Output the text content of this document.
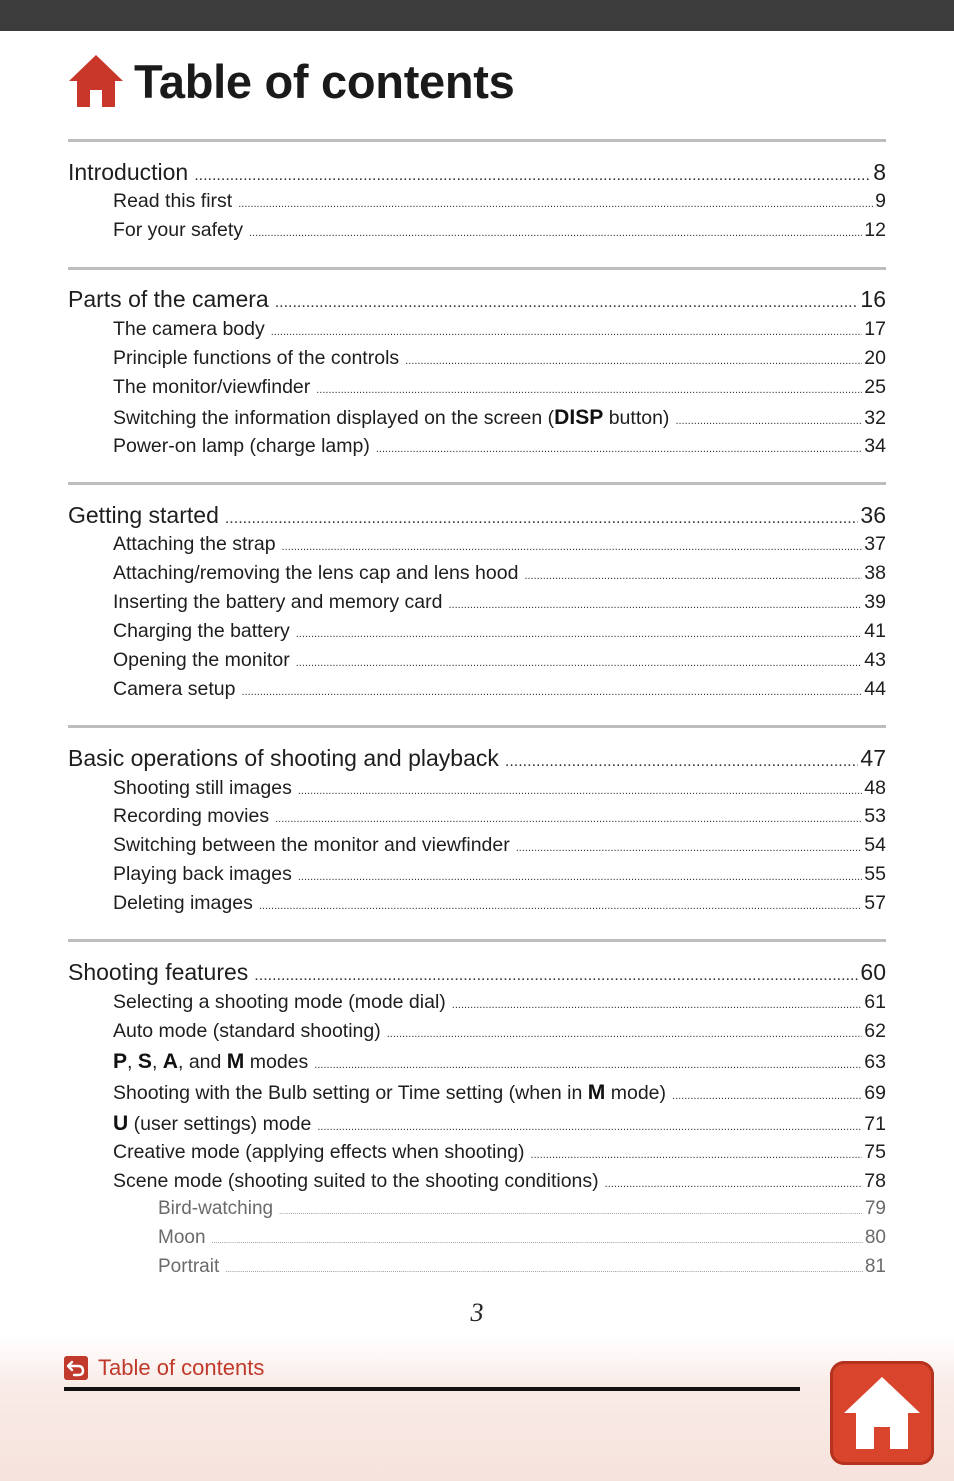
Table of contents
Introduction .....	8
Read this first .....	9
For your safety .....	12
Parts of the camera .....	16
The camera body .....	17
Principle functions of the controls .....	20
The monitor/viewfinder .....	25
Switching the information displayed on the screen (DISP button) .....	32
Power-on lamp (charge lamp) .....	34
Getting started .....	36
Attaching the strap .....	37
Attaching/removing the lens cap and lens hood .....	38
Inserting the battery and memory card .....	39
Charging the battery .....	41
Opening the monitor .....	43
Camera setup .....	44
Basic operations of shooting and playback .....	47
Shooting still images .....	48
Recording movies .....	53
Switching between the monitor and viewfinder .....	54
Playing back images .....	55
Deleting images .....	57
Shooting features .....	60
Selecting a shooting mode (mode dial) .....	61
Auto mode (standard shooting) .....	62
P, S, A, and M modes .....	63
Shooting with the Bulb setting or Time setting (when in M mode) .....	69
U (user settings) mode .....	71
Creative mode (applying effects when shooting) .....	75
Scene mode (shooting suited to the shooting conditions) .....	78
Bird-watching .....	79
Moon .....	80
Portrait .....	81
3
Table of contents
